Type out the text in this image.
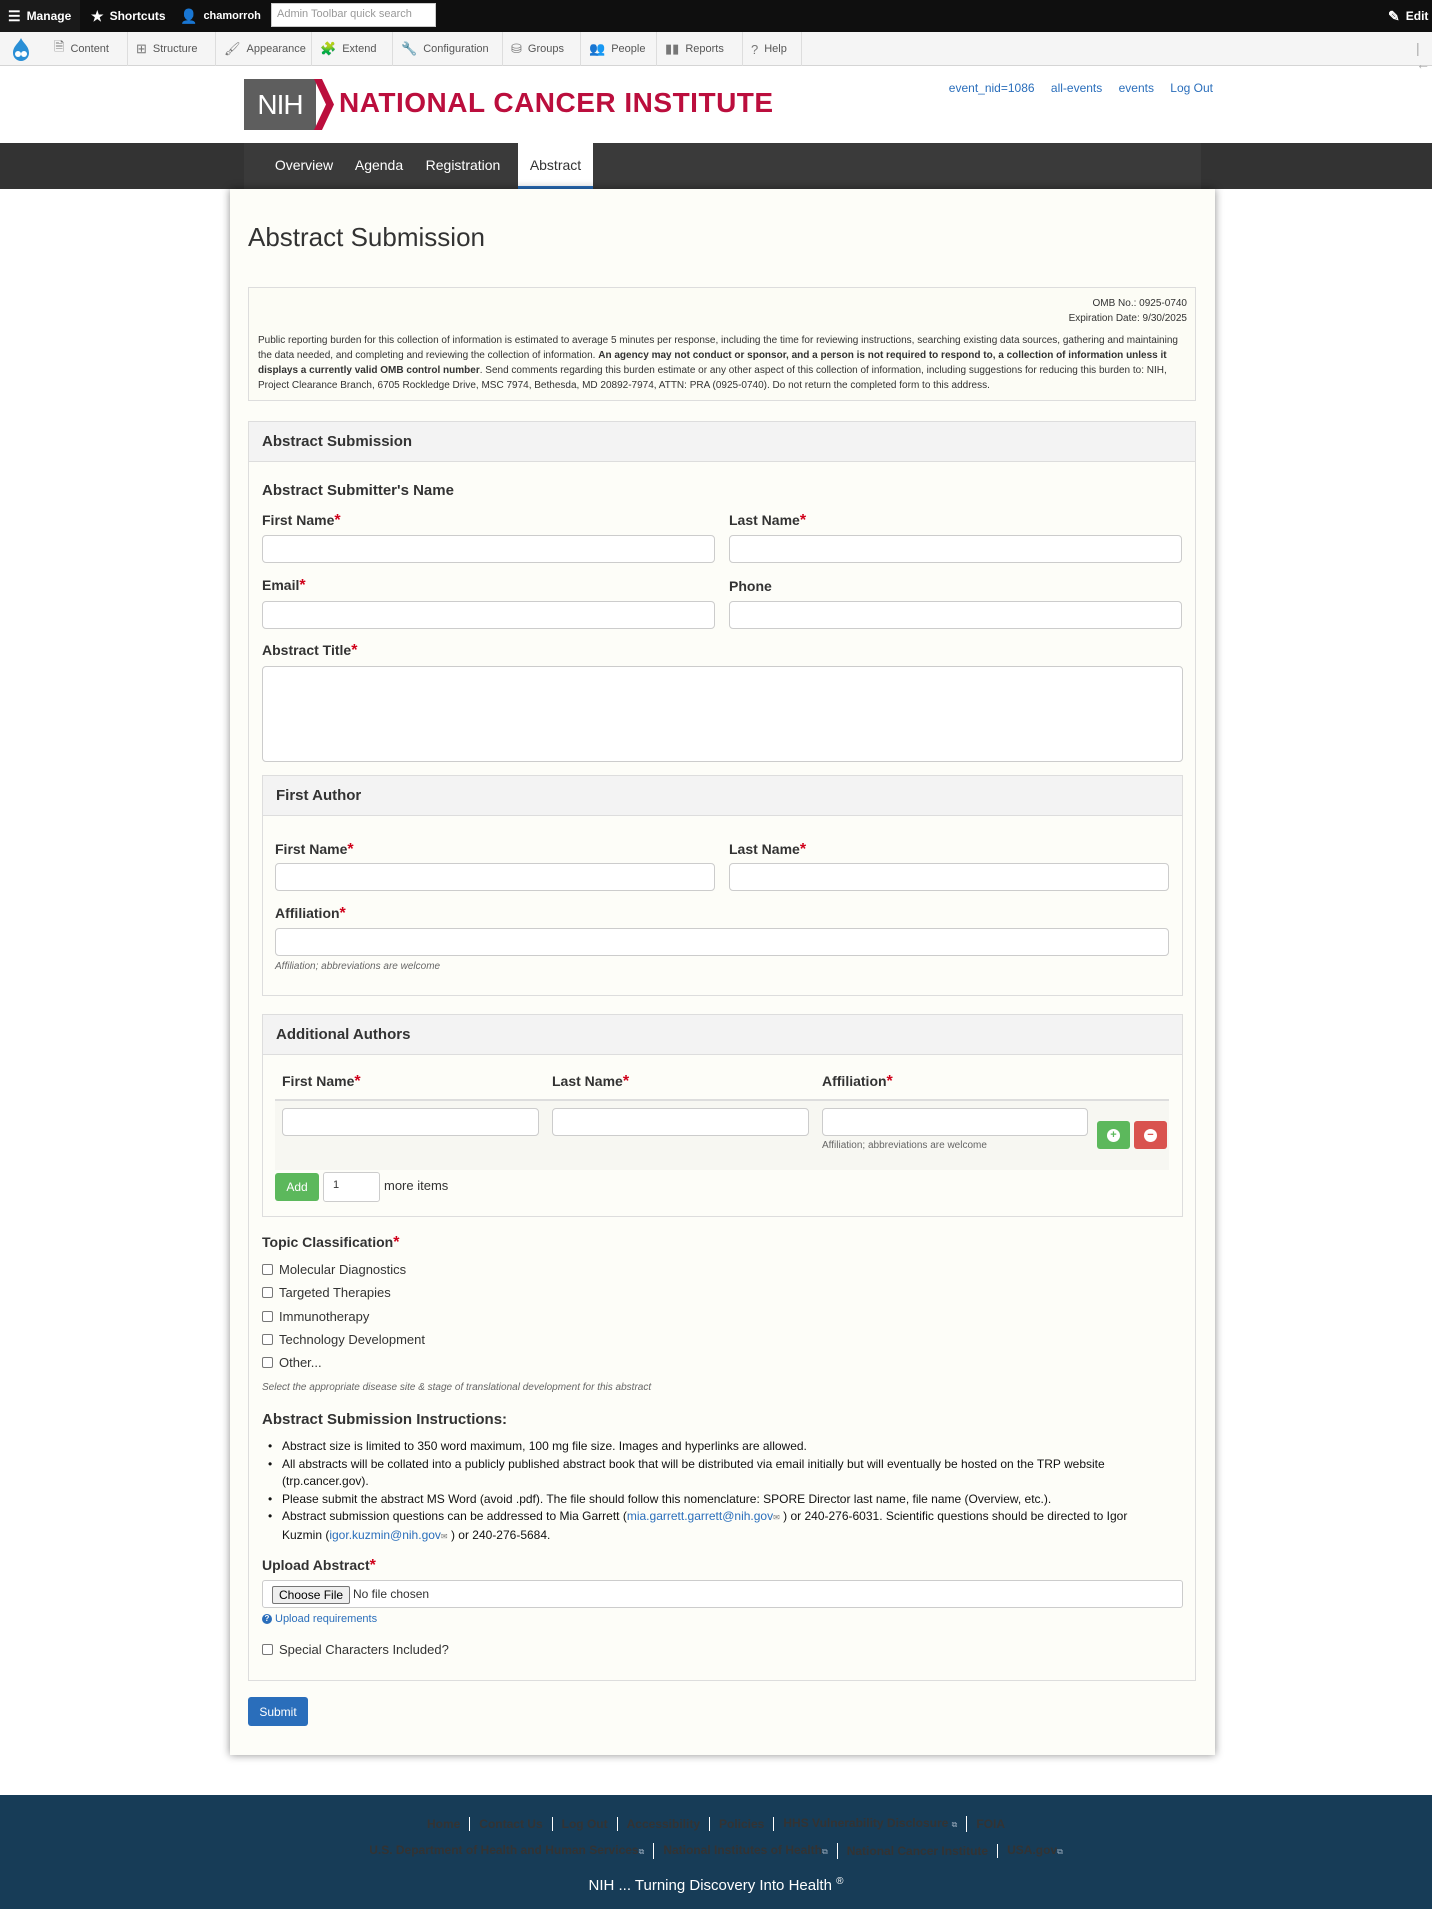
☰ Manage ★ Shortcuts 👤 chamorroh	Admin Toolbar quick search	✎ Edit
🗎 Content ⊞ Structure 🖌 Appearance 🧩 Extend 🔧 Configuration ⛁ Groups 👥 People ▮▮ Reports ? Help	|←
NIH	NATIONAL CANCER INSTITUTE	event_nid=1086 all-events events Log Out
Overview	Agenda	Registration	Abstract
Abstract Submission
OMB No.: 0925-0740
Expiration Date: 9/30/2025
Public reporting burden for this collection of information is estimated to average 5 minutes per response, including the time for reviewing instructions, searching existing data sources, gathering and maintaining the data needed, and completing and reviewing the collection of information. An agency may not conduct or sponsor, and a person is not required to respond to, a collection of information unless it displays a currently valid OMB control number. Send comments regarding this burden estimate or any other aspect of this collection of information, including suggestions for reducing this burden to: NIH, Project Clearance Branch, 6705 Rockledge Drive, MSC 7974, Bethesda, MD 20892-7974, ATTN: PRA (0925-0740). Do not return the completed form to this address.
Abstract Submission
Abstract Submitter's Name
First Name*	Last Name*
Email*	Phone
Abstract Title*
First Author
First Name*	Last Name*
Affiliation*
Affiliation; abbreviations are welcome
Additional Authors
First Name*	Last Name*	Affiliation*
Affiliation; abbreviations are welcome
+	−
Add	1	more items
Topic Classification*
Molecular Diagnostics
Targeted Therapies
Immunotherapy
Technology Development
Other...
Select the appropriate disease site & stage of translational development for this abstract
Abstract Submission Instructions:
• Abstract size is limited to 350 word maximum, 100 mg file size. Images and hyperlinks are allowed.
• All abstracts will be collated into a publicly published abstract book that will be distributed via email initially but will eventually be hosted on the TRP website (trp.cancer.gov).
• Please submit the abstract MS Word (avoid .pdf). The file should follow this nomenclature: SPORE Director last name, file name (Overview, etc.).
• Abstract submission questions can be addressed to Mia Garrett (mia.garrett.garrett@nih.gov✉ ) or 240-276-6031. Scientific questions should be directed to Igor Kuzmin (igor.kuzmin@nih.gov✉ ) or 240-276-5684.
Upload Abstract*
Choose File No file chosen
? Upload requirements
Special Characters Included?
Submit
Home	Contact Us	Log Out	Accessibility	Policies	HHS Vulnerability Disclosure ⧉	FOIA
U.S. Department of Health and Human Services⧉	National Institutes of Health⧉	National Cancer Institute	USA.gov⧉
NIH ... Turning Discovery Into Health ®
